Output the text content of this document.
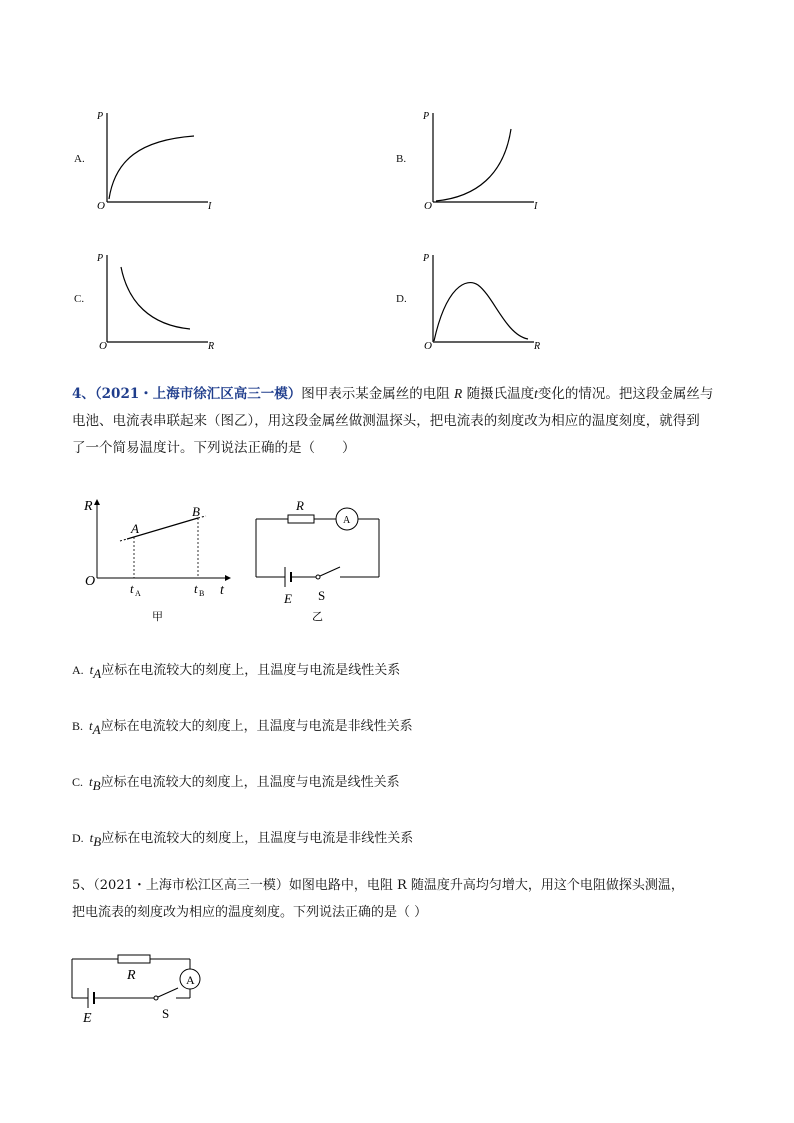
A.
P
O	I
B.
P
O	I
C.
P
O	R
D.
P
O	R
4、（2021・上海市徐汇区高三一模）图甲表示某金属丝的电阻 R 随摄氏温度t变化的情况。把这段金属丝与
电池、电流表串联起来（图乙），用这段金属丝做测温探头，把电流表的刻度改为相应的温度刻度，就得到
了一个简易温度计。下列说法正确的是（　　）
R
O
t
A
B
t A	t B
甲
R
A
E S
乙
A. $t_A$应标在电流较大的刻度上，且温度与电流是线性关系
B. $t_A$应标在电流较大的刻度上，且温度与电流是非线性关系
C. $t_B$应标在电流较大的刻度上，且温度与电流是线性关系
D. $t_B$应标在电流较大的刻度上，且温度与电流是非线性关系
5、（2021・上海市松江区高三一模）如图电路中，电阻 R 随温度升高均匀增大，用这个电阻做探头测温，
把电流表的刻度改为相应的温度刻度。下列说法正确的是（ ）
R	A
E	S
